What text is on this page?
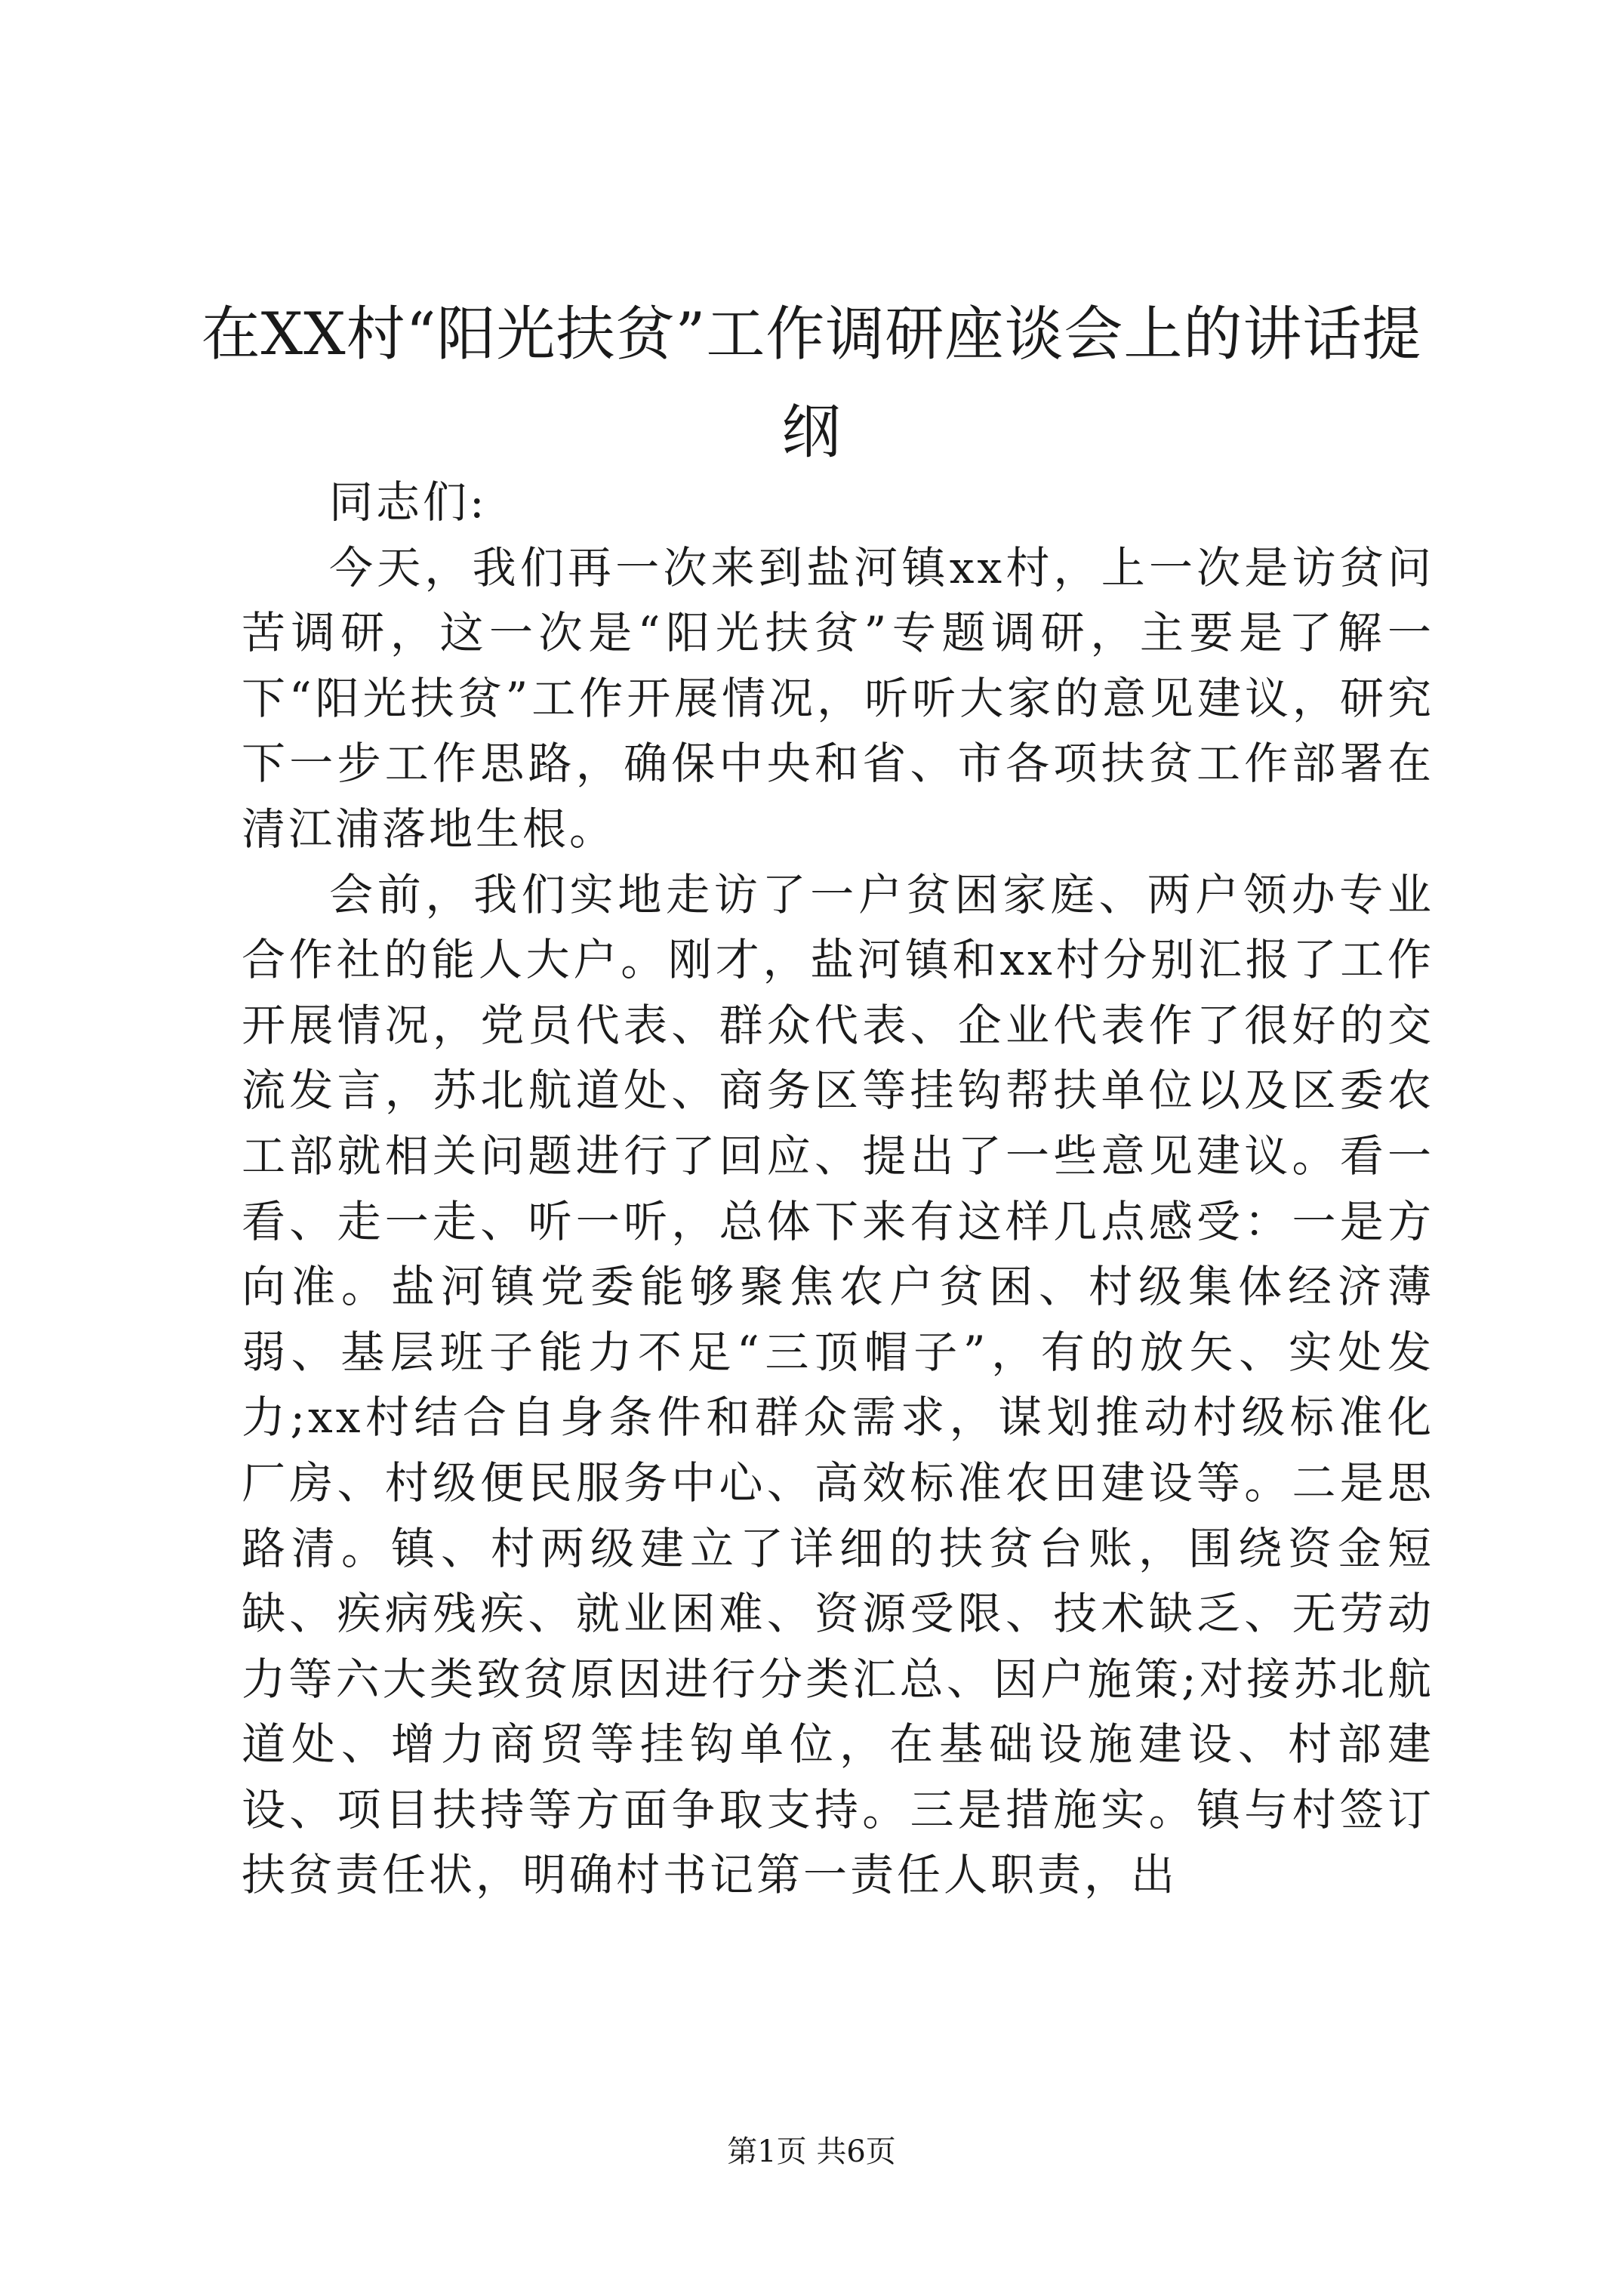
在XX村“阳光扶贫”工作调研座谈会上的讲话提纲

同志们:

今天，我们再一次来到盐河镇xx村，上一次是访贫问苦调研，这一次是“阳光扶贫”专题调研，主要是了解一下“阳光扶贫”工作开展情况，听听大家的意见建议，研究下一步工作思路，确保中央和省、市各项扶贫工作部署在清江浦落地生根。

会前，我们实地走访了一户贫困家庭、两户领办专业合作社的能人大户。刚才，盐河镇和xx村分别汇报了工作开展情况，党员代表、群众代表、企业代表作了很好的交流发言，苏北航道处、商务区等挂钩帮扶单位以及区委农工部就相关问题进行了回应、提出了一些意见建议。看一看、走一走、听一听，总体下来有这样几点感受：一是方向准。盐河镇党委能够聚焦农户贫困、村级集体经济薄弱、基层班子能力不足“三顶帽子”，有的放矢、实处发力;xx村结合自身条件和群众需求，谋划推动村级标准化厂房、村级便民服务中心、高效标准农田建设等。二是思路清。镇、村两级建立了详细的扶贫台账，围绕资金短缺、疾病残疾、就业困难、资源受限、技术缺乏、无劳动力等六大类致贫原因进行分类汇总、因户施策;对接苏北航道处、增力商贸等挂钩单位，在基础设施建设、村部建设、项目扶持等方面争取支持。三是措施实。镇与村签订扶贫责任状，明确村书记第一责任人职责，出

第1页 共6页
